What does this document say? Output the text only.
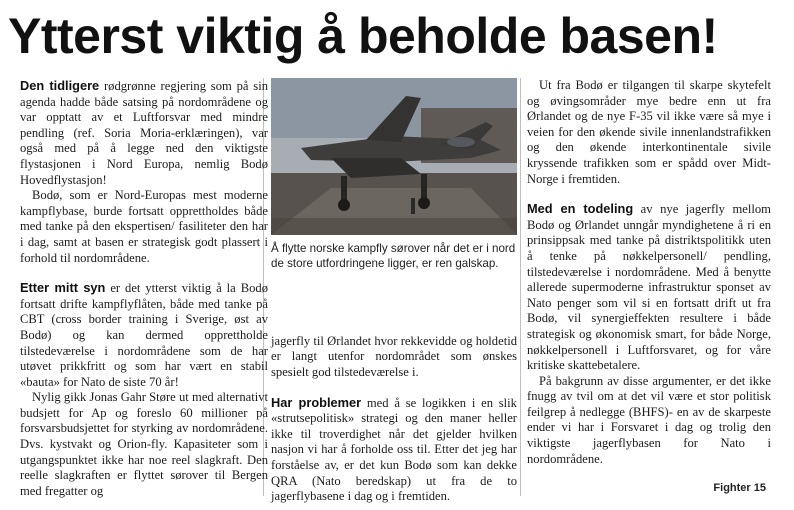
Ytterst viktig å beholde basen!

Den tidligere rødgrønne regjering som på sin agenda hadde både satsing på nordområdene og var opptatt av et Luftforsvar med mindre pendling (ref. Soria Moria-erklæringen), var også med på å legge ned den viktigste flystasjonen i Nord Europa, nemlig Bodø Hovedflystasjon!

Bodø, som er Nord-Europas mest moderne kampflybase, burde fortsatt opprettholdes både med tanke på den ekspertisen/ fasiliteter den har i dag, samt at basen er strategisk godt plassert i forhold til nordområdene.

Etter mitt syn er det ytterst viktig å la Bodø fortsatt drifte kampflyflåten, både med tanke på CBT (cross border training i Sverige, øst av Bodø) og kan dermed opprettholde tilstedeværelse i nordområdene som de har utøvet prikkfritt og som har vært en stabil «bauta» for Nato de siste 70 år!

Nylig gikk Jonas Gahr Støre ut med alternativt budsjett for Ap og foreslo 60 millioner på forsvarsbudsjettet for styrking av nordområdene. Dvs. kystvakt og Orion-fly. Kapasiteter som i utgangspunktet ikke har noe reel slagkraft. Den reelle slagkraften er flyttet sørover til Bergen med fregatter og

Å flytte norske kampfly sørover når det er i nord de store utfordringene ligger, er ren galskap.

jagerfly til Ørlandet hvor rekkevidde og holdetid er langt utenfor nordområdet som ønskes spesielt god tilstedeværelse i.

Har problemer med å se logikken i en slik «strutsepolitisk» strategi og den maner heller ikke til troverdighet når det gjelder hvilken nasjon vi har å forholde oss til. Etter det jeg har forståelse av, er det kun Bodø som kan dekke QRA (Nato beredskap) ut fra de to jagerflybasene i dag og i fremtiden.

Ut fra Bodø er tilgangen til skarpe skytefelt og øvingsområder mye bedre enn ut fra Ørlandet og de nye F-35 vil ikke være så mye i veien for den økende sivile innenlandstrafikken og den økende interkontinentale sivile kryssende trafikken som er spådd over Midt-Norge i fremtiden.

Med en todeling av nye jagerfly mellom Bodø og Ørlandet unngår myndighetene å ri en prinsippsak med tanke på distriktspolitikk uten å tenke på nøkkelpersonell/ pendling, tilstedeværelse i nordområdene. Med å benytte allerede supermoderne infrastruktur sponset av Nato penger som vil si en fortsatt drift ut fra Bodø, vil synergieffekten resultere i både strategisk og økonomisk smart, for både Norge, nøkkelpersonell i Luftforsvaret, og for våre kritiske skattebetalere.

På bakgrunn av disse argumenter, er det ikke fnugg av tvil om at det vil være et stor politisk feilgrep å nedlegge (BHFS)- en av de skarpeste ender vi har i Forsvaret i dag og trolig den viktigste jagerflybasen for Nato i nordområdene.

Fighter 15
